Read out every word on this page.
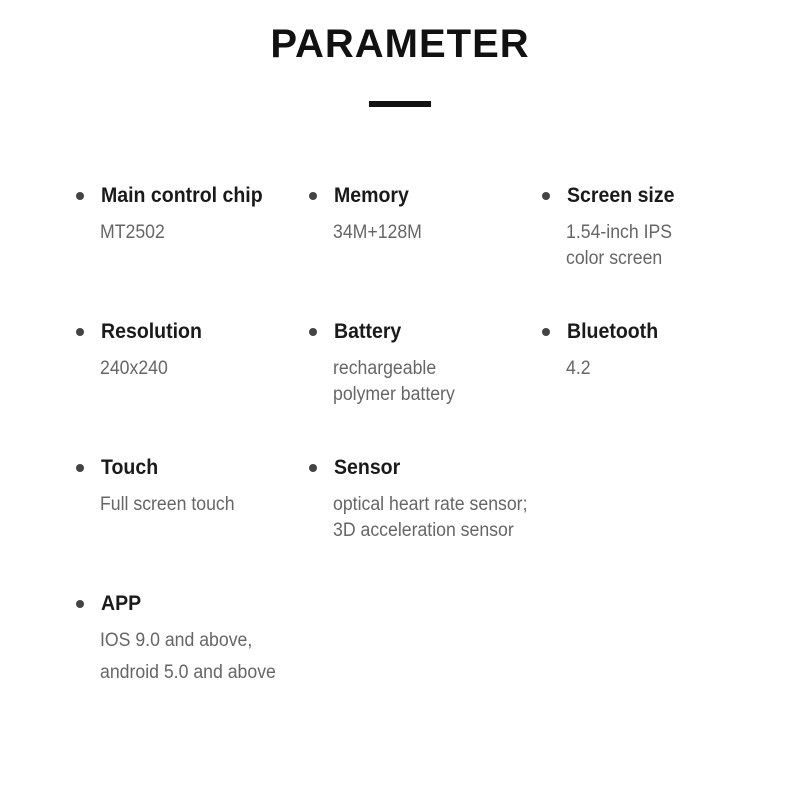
PARAMETER
Main control chip
MT2502
Memory
34M+128M
Screen size
1.54-inch IPS
color screen
Resolution
240x240
Battery
rechargeable
polymer battery
Bluetooth
4.2
Touch
Full screen touch
Sensor
optical heart rate sensor;
3D acceleration sensor
APP
IOS 9.0 and above,
android 5.0 and above
